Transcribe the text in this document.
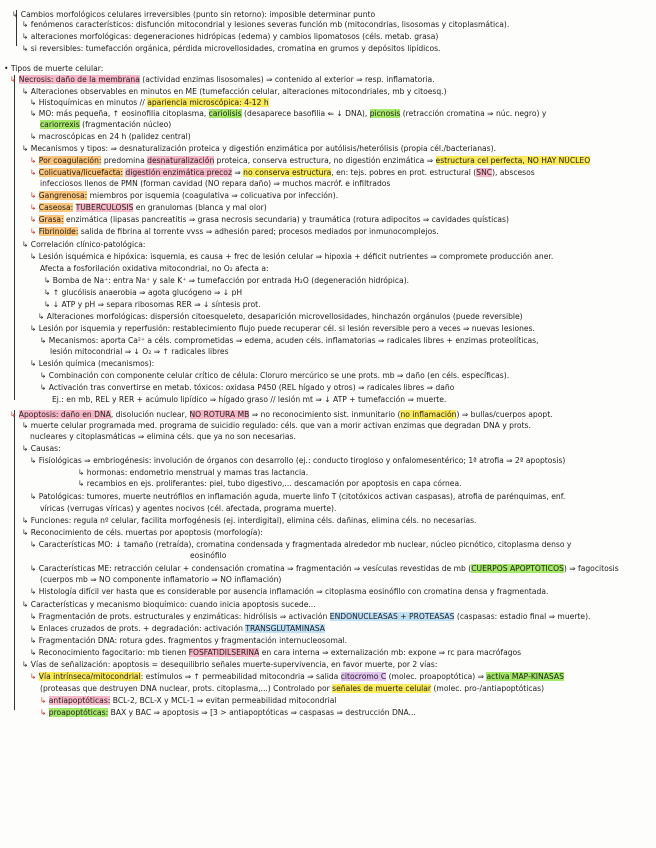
↳ Cambios morfológicos celulares irreversibles (punto sin retorno): imposible determinar punto
↳ fenómenos característicos: disfunción mitocondrial y lesiones severas función mb (mitocondrias, lisosomas y citoplasmática).
↳ alteraciones morfológicas: degeneraciones hidrópicas (edema) y cambios lipomatosos (céls. metab. grasa)
↳ si reversibles: tumefacción orgánica, pérdida microvellosidades, cromatina en grumos y depósitos lipídicos.
• Tipos de muerte celular:
↳ Necrosis: daño de la membrana (actividad enzimas lisosomales) ⇒ contenido al exterior ⇒ resp. inflamatoria.
↳ Alteraciones observables en minutos en ME (tumefacción celular, alteraciones mitocondriales, mb y citoesq.)
↳ Histoquímicas en minutos // apariencia microscópica: 4-12 h
↳ MO: más pequeña, ↑ eosinofilia citoplasma, cariolisis (desaparece basofilia ⇐ ↓ DNA), picnosis (retracción cromatina ⇒ núc. negro) y
cariorrexis (fragmentación núcleo)
↳ macroscópicas en 24 h (palidez central)
↳ Mecanismos y tipos: ⇒ desnaturalización proteica y digestión enzimática por autólisis/heterólisis (propia cél./bacterianas).
↳ Por coagulación: predomina desnaturalización proteica, conserva estructura, no digestión enzimática ⇒ estructura cel perfecta, NO HAY NÚCLEO
↳ Colicuativa/licuefacta: digestión enzimática precoz ⇒ no conserva estructura, en: tejs. pobres en prot. estructural (SNC), abscesos
infecciosos llenos de PMN (forman cavidad (NO repara daño) ⇒ muchos macróf. e infiltrados
↳ Gangrenosa: miembros por isquemia (coagulativa ⇒ colicuativa por infección).
↳ Caseosa: TUBERCULOSIS en granulomas (blanca y mal olor)
↳ Grasa: enzimática (lipasas pancreatitis ⇒ grasa necrosis secundaria) y traumática (rotura adipocitos ⇒ cavidades quísticas)
↳ Fibrinoide: salida de fibrina al torrente vvss ⇒ adhesión pared; procesos mediados por inmunocomplejos.
↳ Correlación clínico-patológica:
↳ Lesión isquémica e hipóxica: isquemia, es causa + frec de lesión celular ⇒ hipoxia + déficit nutrientes ⇒ compromete producción aner.
Afecta a fosforilación oxidativa mitocondrial, no O₂ afecta a:
↳ Bomba de Na⁺: entra Na⁺ y sale K⁺ ⇒ tumefacción por entrada H₂O (degeneración hidrópica).
↳ ↑ glucólisis anaerobia ⇒ agota glucógeno ⇒ ↓ pH
↳ ↓ ATP y pH ⇒ separa ribosomas RER ⇒ ↓ síntesis prot.
↳ Alteraciones morfológicas: dispersión citoesqueleto, desaparición microvellosidades, hinchazón orgánulos (puede reversible)
↳ Lesión por isquemia y reperfusión: restablecimiento flujo puede recuperar cél. si lesión reversible pero a veces ⇒ nuevas lesiones.
↳ Mecanismos: aporta Ca²⁺ a céls. comprometidas ⇒ edema, acuden céls. inflamatorias ⇒ radicales libres + enzimas proteolíticas,
lesión mitocondrial ⇒ ↓ O₂ ⇒ ↑ radicales libres
↳ Lesión química (mecanismos):
↳ Combinación con componente celular crítico de célula: Cloruro mercúrico se une prots. mb ⇒ daño (en céls. específicas).
↳ Activación tras convertirse en metab. tóxicos: oxidasa P450 (REL hígado y otros) ⇒ radicales libres ⇒ daño
Ej.: en mb, REL y RER + acúmulo lipídico ⇒ hígado graso // lesión mt ⇒ ↓ ATP + tumefacción ⇒ muerte.
↳ Apoptosis: daño en DNA, disolución nuclear, NO ROTURA MB ⇒ no reconocimiento sist. inmunitario (no inflamación) ⇒ bullas/cuerpos apopt.
↳ muerte celular programada med. programa de suicidio regulado: céls. que van a morir activan enzimas que degradan DNA y prots.
nucleares y citoplasmáticas ⇒ elimina céls. que ya no son necesarias.
↳ Causas:
↳ Fisiológicas ⇒ embriogénesis: involución de órganos con desarrollo (ej.: conducto tirogloso y onfalomesentérico; 1ª atrofia ⇒ 2ª apoptosis)
↳ hormonas: endometrio menstrual y mamas tras lactancia.
↳ recambios en ejs. proliferantes: piel, tubo digestivo,... descamación por apoptosis en capa córnea.
↳ Patológicas: tumores, muerte neutrófilos en inflamación aguda, muerte linfo T (citotóxicos activan caspasas), atrofia de parénquimas, enf.
víricas (verrugas víricas) y agentes nocivos (cél. afectada, programa muerte).
↳ Funciones: regula nº celular, facilita morfogénesis (ej. interdigital), elimina céls. dañinas, elimina céls. no necesarias.
↳ Reconocimiento de céls. muertas por apoptosis (morfología):
↳ Características MO: ↓ tamaño (retraída), cromatina condensada y fragmentada alrededor mb nuclear, núcleo picnótico, citoplasma denso y
eosinófilo
↳ Características ME: retracción celular + condensación cromatina ⇒ fragmentación ⇒ vesículas revestidas de mb (CUERPOS APOPTÓTICOS) ⇒ fagocitosis
(cuerpos mb ⇒ NO componente inflamatorio ⇒ NO inflamación)
↳ Histología difícil ver hasta que es considerable por ausencia inflamación ⇒ citoplasma eosinófilo con cromatina densa y fragmentada.
↳ Características y mecanismo bioquímico: cuando inicia apoptosis sucede...
↳ Fragmentación de prots. estructurales y enzimáticas: hidrólisis ⇒ activación ENDONUCLEASAS + PROTEASAS (caspasas: estadio final ⇒ muerte).
↳ Enlaces cruzados de prots. + degradación: activación TRANSGLUTAMINASA
↳ Fragmentación DNA: rotura gdes. fragmentos y fragmentación internucleosomal.
↳ Reconocimiento fagocitario: mb tienen FOSFATIDILSERINA en cara interna ⇒ externalización mb: expone ⇒ rc para macrófagos
↳ Vías de señalización: apoptosis = desequilibrio señales muerte-supervivencia, en favor muerte, por 2 vías:
↳ Vía intrínseca/mitocondrial: estímulos ⇒ ↑ permeabilidad mitocondria ⇒ salida citocromo C (molec. proapoptótica) ⇒ activa MAP-KINASAS
(proteasas que destruyen DNA nuclear, prots. citoplasma,...) Controlado por señales de muerte celular (molec. pro-/antiapoptóticas)
↳ antiapoptóticas: BCL-2, BCL-X y MCL-1 ⇒ evitan permeabilidad mitocondrial
↳ proapoptóticas: BAX y BAC ⇒ apoptosis ⇒ [3 > antiapoptóticas ⇒ caspasas ⇒ destrucción DNA...
